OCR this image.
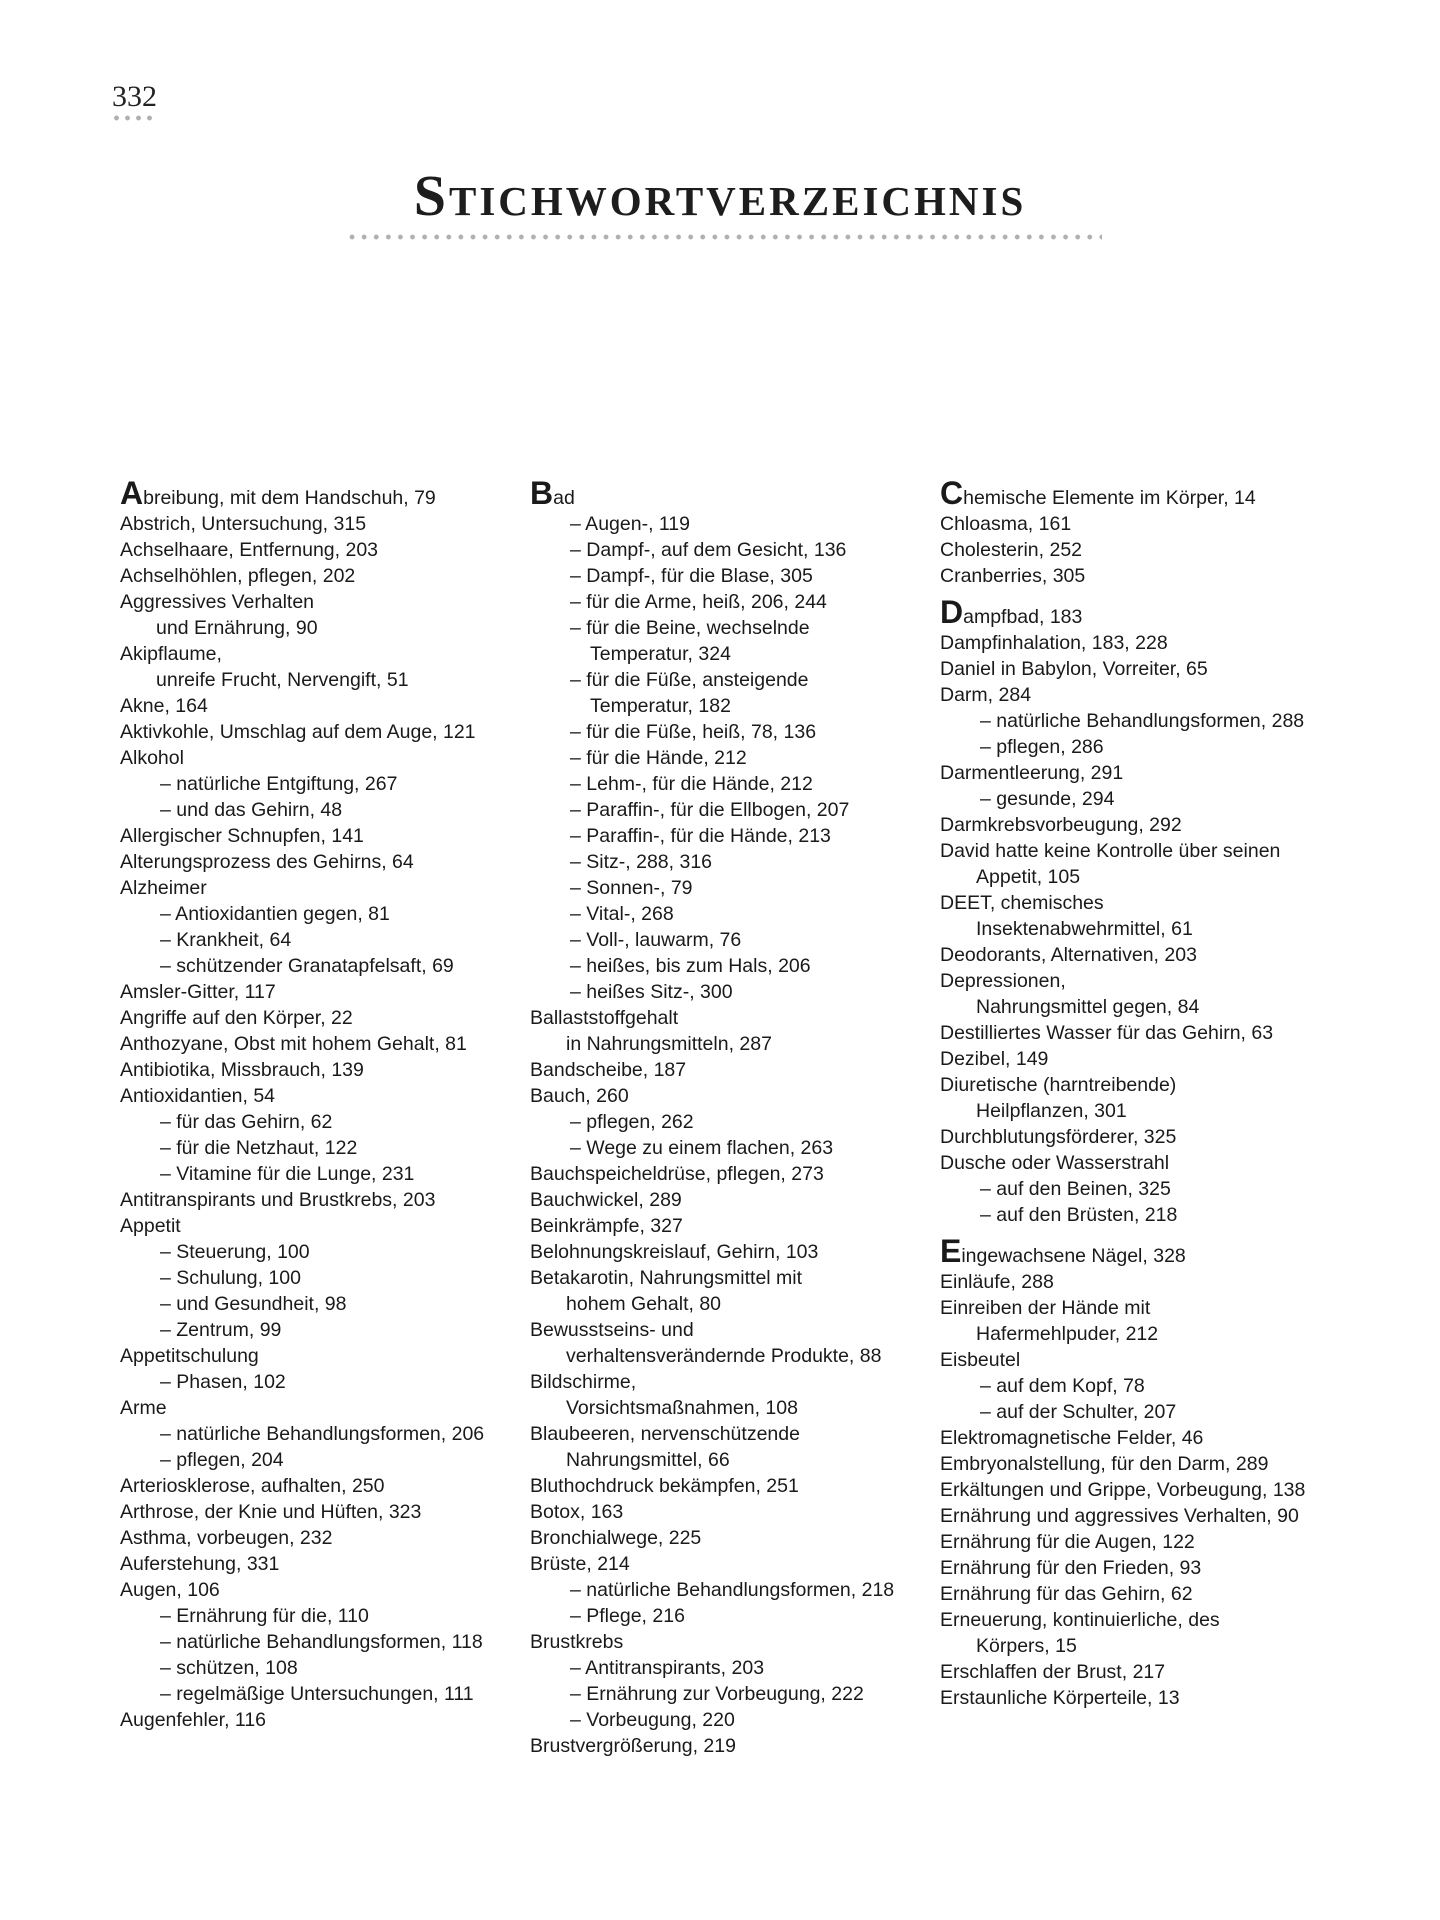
332
Stichwortverzeichnis
Abreibung, mit dem Handschuh, 79
Abstrich, Untersuchung, 315
Achselhaare, Entfernung, 203
Achselhöhlen, pflegen, 202
Aggressives Verhalten
und Ernährung, 90
Akipflaume,
unreife Frucht, Nervengift, 51
Akne, 164
Aktivkohle, Umschlag auf dem Auge, 121
Alkohol
– natürliche Entgiftung, 267
– und das Gehirn, 48
Allergischer Schnupfen, 141
Alterungsprozess des Gehirns, 64
Alzheimer
– Antioxidantien gegen, 81
– Krankheit, 64
– schützender Granatapfelsaft, 69
Amsler-Gitter, 117
Angriffe auf den Körper, 22
Anthozyane, Obst mit hohem Gehalt, 81
Antibiotika, Missbrauch, 139
Antioxidantien, 54
– für das Gehirn, 62
– für die Netzhaut, 122
– Vitamine für die Lunge, 231
Antitranspirants und Brustkrebs, 203
Appetit
– Steuerung, 100
– Schulung, 100
– und Gesundheit, 98
– Zentrum, 99
Appetitschulung
– Phasen, 102
Arme
– natürliche Behandlungsformen, 206
– pflegen, 204
Arteriosklerose, aufhalten, 250
Arthrose, der Knie und Hüften, 323
Asthma, vorbeugen, 232
Auferstehung, 331
Augen, 106
– Ernährung für die, 110
– natürliche Behandlungsformen, 118
– schützen, 108
– regelmäßige Untersuchungen, 111
Augenfehler, 116
Bad
– Augen-, 119
– Dampf-, auf dem Gesicht, 136
– Dampf-, für die Blase, 305
– für die Arme, heiß, 206, 244
– für die Beine, wechselnde
Temperatur, 324
– für die Füße, ansteigende
Temperatur, 182
– für die Füße, heiß, 78, 136
– für die Hände, 212
– Lehm-, für die Hände, 212
– Paraffin-, für die Ellbogen, 207
– Paraffin-, für die Hände, 213
– Sitz-, 288, 316
– Sonnen-, 79
– Vital-, 268
– Voll-, lauwarm, 76
– heißes, bis zum Hals, 206
– heißes Sitz-, 300
Ballaststoffgehalt
in Nahrungsmitteln, 287
Bandscheibe, 187
Bauch, 260
– pflegen, 262
– Wege zu einem flachen, 263
Bauchspeicheldrüse, pflegen, 273
Bauchwickel, 289
Beinkrämpfe, 327
Belohnungskreislauf, Gehirn, 103
Betakarotin, Nahrungsmittel mit
hohem Gehalt, 80
Bewusstseins- und
verhaltensverändernde Produkte, 88
Bildschirme,
Vorsichtsmaßnahmen, 108
Blaubeeren, nervenschützende
Nahrungsmittel, 66
Bluthochdruck bekämpfen, 251
Botox, 163
Bronchialwege, 225
Brüste, 214
– natürliche Behandlungsformen, 218
– Pflege, 216
Brustkrebs
– Antitranspirants, 203
– Ernährung zur Vorbeugung, 222
– Vorbeugung, 220
Brustvergrößerung, 219
Chemische Elemente im Körper, 14
Chloasma, 161
Cholesterin, 252
Cranberries, 305
Dampfbad, 183
Dampfinhalation, 183, 228
Daniel in Babylon, Vorreiter, 65
Darm, 284
– natürliche Behandlungsformen, 288
– pflegen, 286
Darmentleerung, 291
– gesunde, 294
Darmkrebsvorbeugung, 292
David hatte keine Kontrolle über seinen
Appetit, 105
DEET, chemisches
Insektenabwehrmittel, 61
Deodorants, Alternativen, 203
Depressionen,
Nahrungsmittel gegen, 84
Destilliertes Wasser für das Gehirn, 63
Dezibel, 149
Diuretische (harntreibende)
Heilpflanzen, 301
Durchblutungsförderer, 325
Dusche oder Wasserstrahl
– auf den Beinen, 325
– auf den Brüsten, 218
Eingewachsene Nägel, 328
Einläufe, 288
Einreiben der Hände mit
Hafermehlpuder, 212
Eisbeutel
– auf dem Kopf, 78
– auf der Schulter, 207
Elektromagnetische Felder, 46
Embryonalstellung, für den Darm, 289
Erkältungen und Grippe, Vorbeugung, 138
Ernährung und aggressives Verhalten, 90
Ernährung für die Augen, 122
Ernährung für den Frieden, 93
Ernährung für das Gehirn, 62
Erneuerung, kontinuierliche, des
Körpers, 15
Erschlaffen der Brust, 217
Erstaunliche Körperteile, 13
